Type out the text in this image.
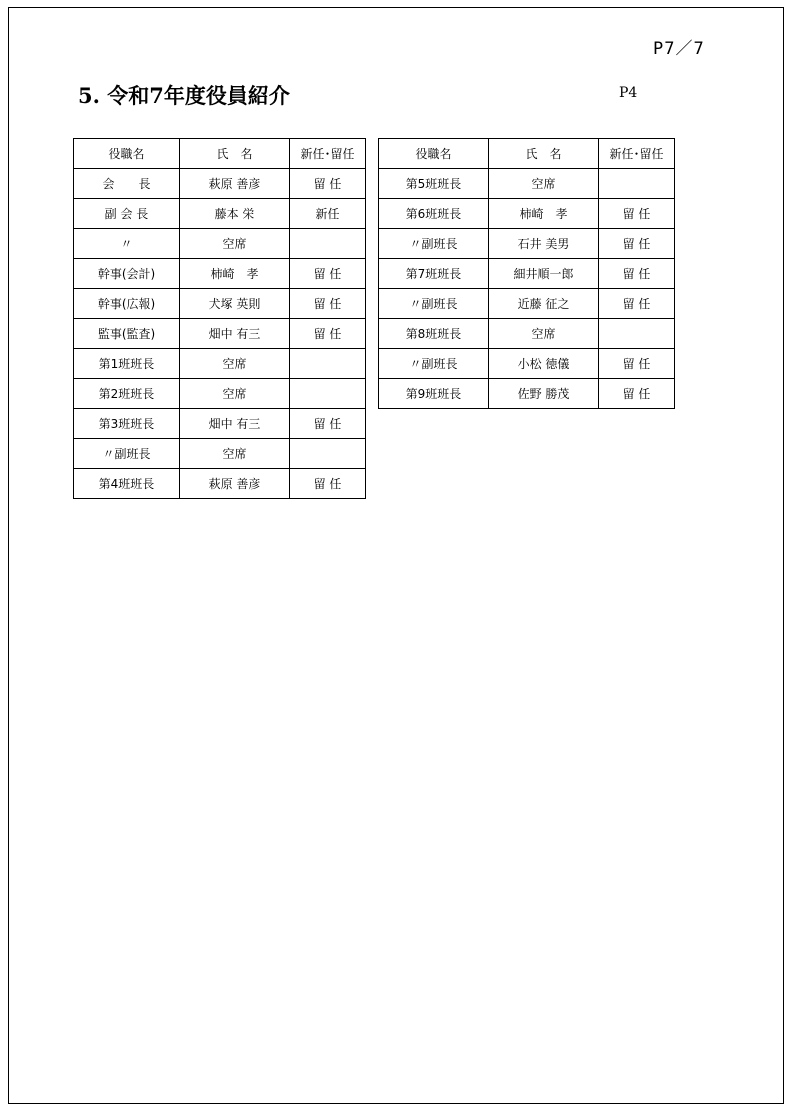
P7／7
5. 令和7年度役員紹介	P4
役職名	氏　名	新任･留任
会　　長	萩原 善彦	留 任
副 会 長	藤本 栄	新任
〃	空席	
幹事(会計)	柿崎　孝	留 任
幹事(広報)	犬塚 英則	留 任
監事(監査)	畑中 有三	留 任
第1班班長	空席	
第2班班長	空席	
第3班班長	畑中 有三	留 任
〃副班長	空席	
第4班班長	萩原 善彦	留 任
役職名	氏　名	新任･留任
第5班班長	空席	
第6班班長	柿崎　孝	留 任
〃副班長	石井 美男	留 任
第7班班長	細井順一郎	留 任
〃副班長	近藤 征之	留 任
第8班班長	空席	
〃副班長	小松 徳儀	留 任
第9班班長	佐野 勝茂	留 任
